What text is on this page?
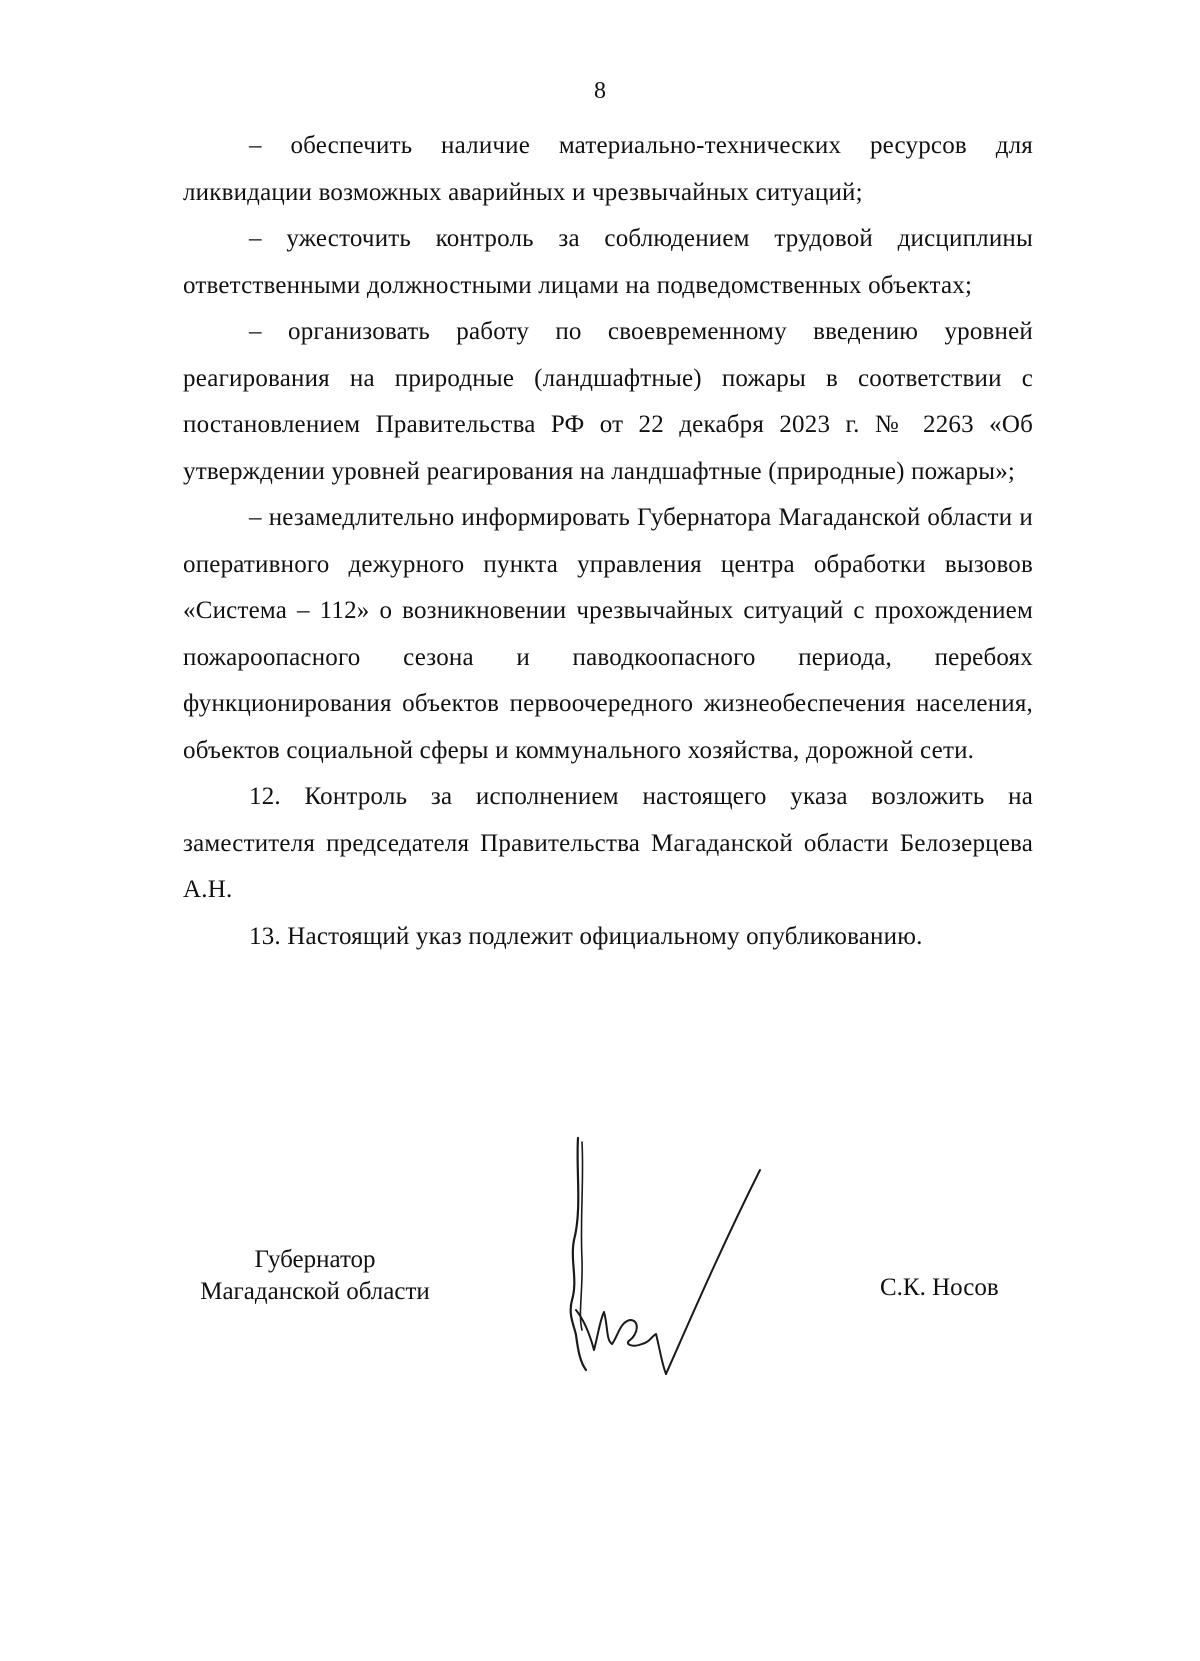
8

– обеспечить наличие материально-технических ресурсов для ликвидации возможных аварийных и чрезвычайных ситуаций;

– ужесточить контроль за соблюдением трудовой дисциплины ответственными должностными лицами на подведомственных объектах;

– организовать работу по своевременному введению уровней реагирования на природные (ландшафтные) пожары в соответствии с постановлением Правительства РФ от 22 декабря 2023 г. № 2263 «Об утверждении уровней реагирования на ландшафтные (природные) пожары»;

– незамедлительно информировать Губернатора Магаданской области и оперативного дежурного пункта управления центра обработки вызовов «Система – 112» о возникновении чрезвычайных ситуаций с прохождением пожароопасного сезона и паводкоопасного периода, перебоях функционирования объектов первоочередного жизнеобеспечения населения, объектов социальной сферы и коммунального хозяйства, дорожной сети.

12. Контроль за исполнением настоящего указа возложить на заместителя председателя Правительства Магаданской области Белозерцева А.Н.

13. Настоящий указ подлежит официальному опубликованию.

Губернатор
Магаданской области	С.К. Носов
